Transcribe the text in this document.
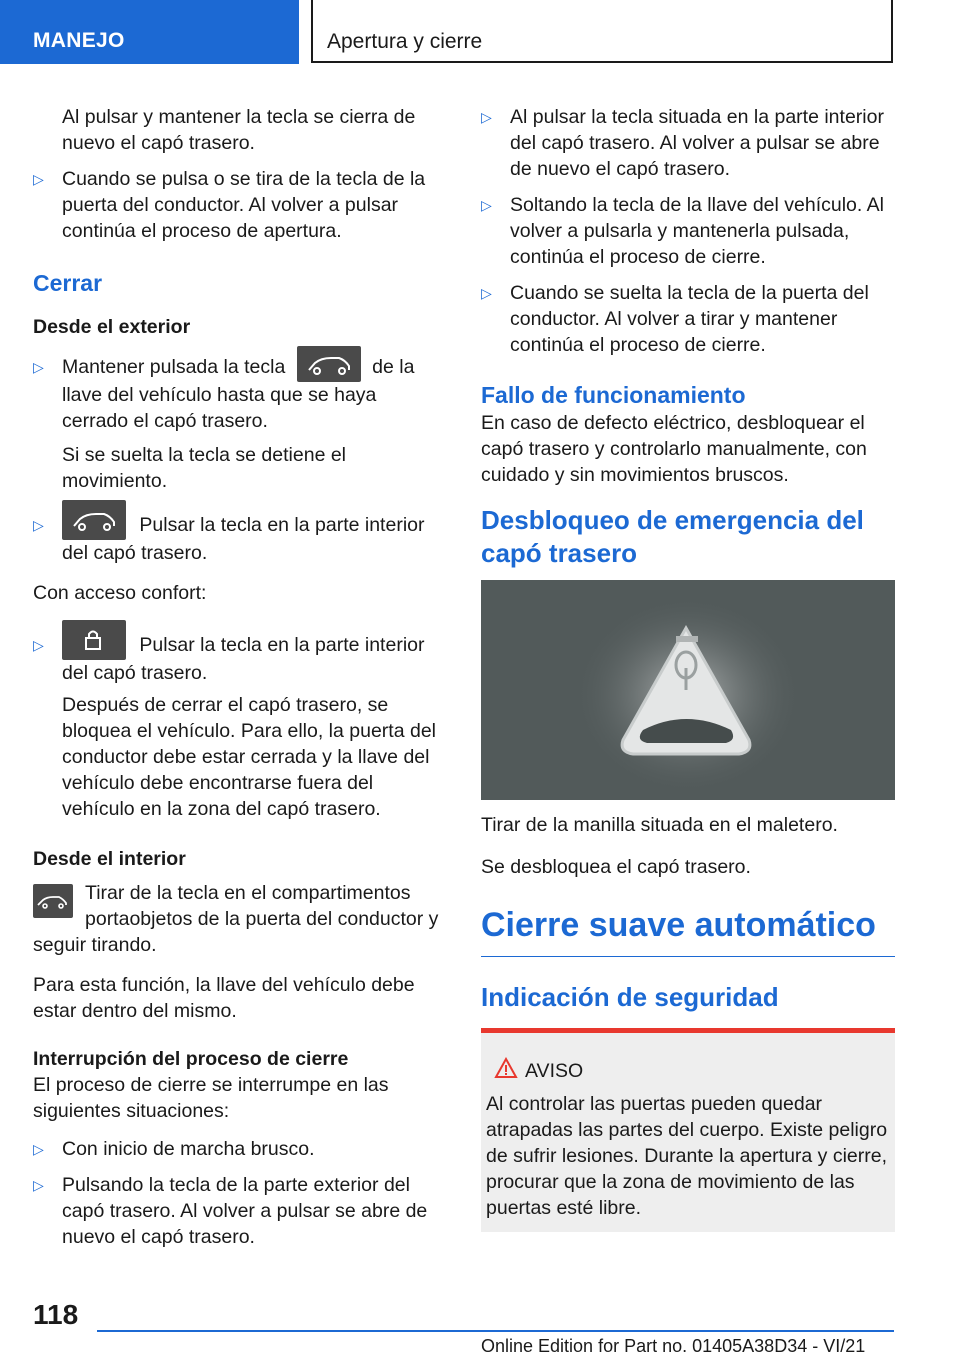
MANEJO	Apertura y cierre

Al pulsar y mantener la tecla se cierra de nuevo el capó trasero.

▷ Cuando se pulsa o se tira de la tecla de la puerta del conductor. Al volver a pulsar continúa el proceso de apertura.

Cerrar

Desde el exterior

▷ Mantener pulsada la tecla	de la llave del vehículo hasta que se haya cerrado el capó trasero.

Si se suelta la tecla se detiene el movimiento.

▷ Pulsar la tecla en la parte interior del capó trasero.

Con acceso confort:

▷ Pulsar la tecla en la parte interior del capó trasero.

Después de cerrar el capó trasero, se bloquea el vehículo. Para ello, la puerta del conductor debe estar cerrada y la llave del vehículo debe encontrarse fuera del vehículo en la zona del capó trasero.

Desde el interior

Tirar de la tecla en el compartimentos portaobjetos de la puerta del conductor y seguir tirando.

Para esta función, la llave del vehículo debe estar dentro del mismo.

Interrupción del proceso de cierre

El proceso de cierre se interrumpe en las siguientes situaciones:

▷ Con inicio de marcha brusco.

▷ Pulsando la tecla de la parte exterior del capó trasero. Al volver a pulsar se abre de nuevo el capó trasero.

▷ Al pulsar la tecla situada en la parte interior del capó trasero. Al volver a pulsar se abre de nuevo el capó trasero.

▷ Soltando la tecla de la llave del vehículo. Al volver a pulsarla y mantenerla pulsada, continúa el proceso de cierre.

▷ Cuando se suelta la tecla de la puerta del conductor. Al volver a tirar y mantener continúa el proceso de cierre.

Fallo de funcionamiento

En caso de defecto eléctrico, desbloquear el capó trasero y controlarlo manualmente, con cuidado y sin movimientos bruscos.

Desbloqueo de emergencia del capó trasero

Tirar de la manilla situada en el maletero.

Se desbloquea el capó trasero.

Cierre suave automático

Indicación de seguridad

AVISO

Al controlar las puertas pueden quedar atrapadas las partes del cuerpo. Existe peligro de sufrir lesiones. Durante la apertura y cierre, procurar que la zona de movimiento de las puertas esté libre.

118
Online Edition for Part no. 01405A38D34 - VI/21
